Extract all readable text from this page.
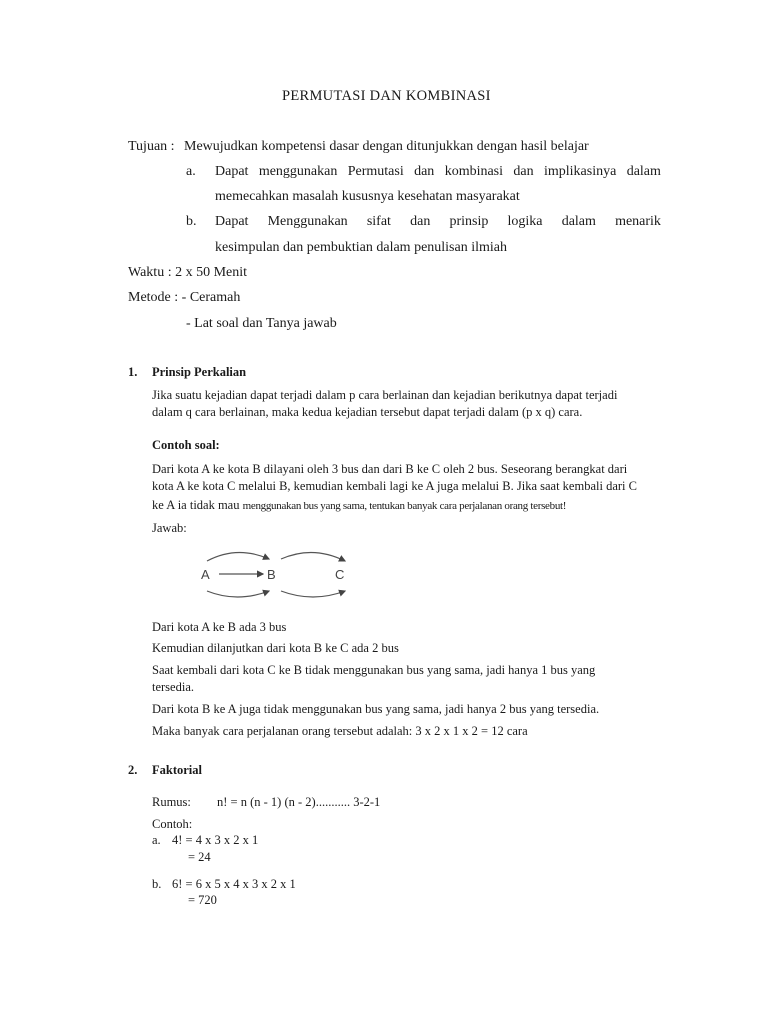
PERMUTASI DAN KOMBINASI
Tujuan : Mewujudkan kompetensi dasar dengan ditunjukkan dengan hasil belajar
a. Dapat menggunakan Permutasi dan kombinasi dan implikasinya dalam
memecahkan masalah kususnya kesehatan masyarakat
b. Dapat Menggunakan sifat dan prinsip logika dalam menarik
kesimpulan dan pembuktian dalam penulisan ilmiah
Waktu : 2 x 50 Menit
Metode : - Ceramah
- Lat soal dan Tanya jawab
1. Prinsip Perkalian
Jika suatu kejadian dapat terjadi dalam p cara berlainan dan kejadian berikutnya dapat terjadi
dalam q cara berlainan, maka kedua kejadian tersebut dapat terjadi dalam (p x q) cara.
Contoh soal:
Dari kota A ke kota B dilayani oleh 3 bus dan dari B ke C oleh 2 bus. Seseorang berangkat dari
kota A ke kota C melalui B, kemudian kembali lagi ke A juga melalui B. Jika saat kembali dari C
ke A ia tidak mau menggunakan bus yang sama, tentukan banyak cara perjalanan orang tersebut!
Jawab:
A	B	C
Dari kota A ke B ada 3 bus
Kemudian dilanjutkan dari kota B ke C ada 2 bus
Saat kembali dari kota C ke B tidak menggunakan bus yang sama, jadi hanya 1 bus yang
tersedia.
Dari kota B ke A juga tidak menggunakan bus yang sama, jadi hanya 2 bus yang tersedia.
Maka banyak cara perjalanan orang tersebut adalah: 3 x 2 x 1 x 2 = 12 cara
2. Faktorial
Rumus: n! = n (n - 1) (n - 2)........... 3-2-1
Contoh:
a. 4! = 4 x 3 x 2 x 1
= 24
b. 6! = 6 x 5 x 4 x 3 x 2 x 1
= 720
